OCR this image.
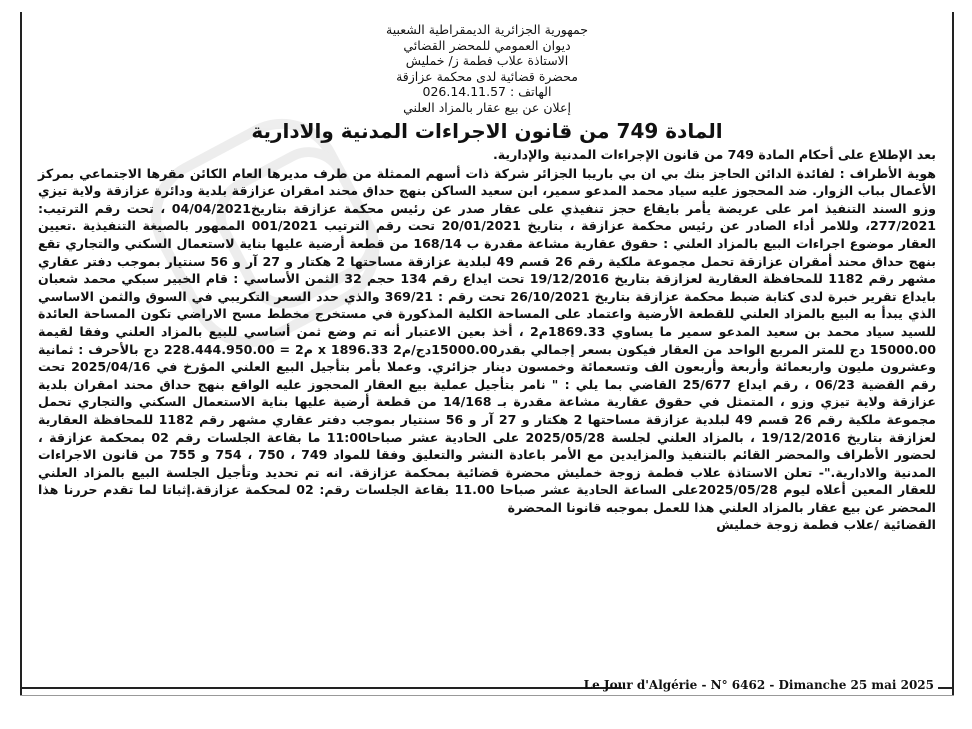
جمهورية الجزائرية الديمقراطية الشعبية
ديوان العمومي للمحضر القضائي
الاستاذة علاب فطمة ز/ خمليش
محضرة قضائية لدى محكمة عزازقة
الهاتف : 026.14.11.57
إعلان عن بيع عقار بالمزاد العلني
المادة 749 من قانون الاجراءات المدنية والادارية

بعد الإطلاع على أحكام المادة 749 من قانون الإجراءات المدنية والإدارية.

هوية الأطراف : لفائدة الدائن الحاجز بنك بي ان بي باريبا الجزائر شركة ذات أسهم الممثلة من طرف مديرها العام الكائن مقرها الاجتماعي بمركز الأعمال بباب الزوار. ضد المحجوز عليه سياد محمد المدعو سمير، ابن سعيد الساكن بنهج حداق محند امقران عزازقة بلدية ودائرة عزازقة ولاية تيزي وزو السند التنفيذ امر على عريضة يأمر بايقاع حجز تنفيذي على عقار صدر عن رئيس محكمة عزازقة بتاريخ04/04/2021 ، تحت رقم الترتيب: 277/2021، وللامر أداء الصادر عن رئيس محكمة عزازقة ، بتاريخ 20/01/2021 تحت رقم الترتيب 001/2021 الممهور بالصيغة التنفيذية .تعيين العقار موضوع اجراءات البيع بالمزاد العلني : حقوق عقارية مشاعة مقدرة ب 168/14 من قطعة أرضية عليها بناية لاستعمال السكني والتجاري تقع بنهج حداق محند أمقران عزازقة تحمل مجموعة ملكية رقم 26 قسم 49 لبلدية عزازقة مساحتها 2 هكتار و 27 آر و 56 سنتيار بموجب دفتر عقاري مشهر رقم 1182 للمحافظة العقارية لعزازقة بتاريخ 19/12/2016 تحت ايداع رقم 134 حجم 32 الثمن الأساسي : قام الخبير سبكي محمد شعبان بايداع تقرير خبرة لدى كتابة ضبط محكمة عزازقة بتاريخ 26/10/2021 تحت رقم : 369/21 والذي حدد السعر التكريبي في السوق والثمن الاساسي الذي يبدأ به البيع بالمزاد العلني للقطعة الأرضية واعتماد على المساحة الكلية المذكورة في مستخرج مخطط مسح الاراضي تكون المساحة العائدة للسيد سياد محمد بن سعيد المدعو سمير ما يساوي 1869.33م2 ، أخذ بعين الاعتبار أنه تم وضع ثمن أساسي للبيع بالمزاد العلني وفقا لقيمة 15000.00 دج للمتر المربع الواحد من العقار فيكون بسعر إجمالي بقدر15000.00دج/م2 x 1896.33 م2 = 228.444.950.00 دج بالأحرف : ثمانية وعشرون مليون واربعمائة وأربعة وأربعون الف وتسعمائة وخمسون دينار جزائري. وعملا بأمر بتأجيل البيع العلني المؤرخ في 2025/04/16 تحت رقم القضية 06/23 ، رقم ايداع 25/677 القاضي بما يلي : " نامر بتأجيل عملية بيع العقار المحجوز عليه الواقع بنهج حداق محند امقران بلدية عزازقة ولاية تيزي وزو ، المتمثل في حقوق عقارية مشاعة مقدرة بـ 14/168 من قطعة أرضية عليها بناية الاستعمال السكني والتجاري تحمل مجموعة ملكية رقم 26 قسم 49 لبلدية عزازقة مساحتها 2 هكتار و 27 آر و 56 سنتيار بموجب دفتر عقاري مشهر رقم 1182 للمحافظة العقارية لعزازقة بتاريخ 19/12/2016 ، بالمزاد العلني لجلسة 2025/05/28 على الحادية عشر صباحا11:00 ما بقاعة الجلسات رقم 02 بمحكمة عزازقة ، لحضور الأطراف والمحضر القائم بالتنفيذ والمزايدين مع الأمر باعادة النشر والتعليق وفقا للمواد 749 ، 750 ، 754 و 755 من قانون الاجراءات المدنية والادارية."- تعلن الاستاذة علاب فطمة زوجة خمليش محضرة قضائية بمحكمة عزازقة. انه تم تحديد وتأجيل الجلسة البيع بالمزاد العلني للعقار المعين أعلاه ليوم 2025/05/28على الساعة الحادية عشر صباحا 11.00 بقاعة الجلسات رقم: 02 لمحكمة عزازقة.إثباتا لما تقدم حررنا هذا المحضر عن بيع عقار بالمزاد العلني هذا للعمل بموجبه قانونا المحضرة

القضائية /علاب فطمة زوجة خمليش

Le Jour d'Algérie - N° 6462 - Dimanche 25 mai 2025
